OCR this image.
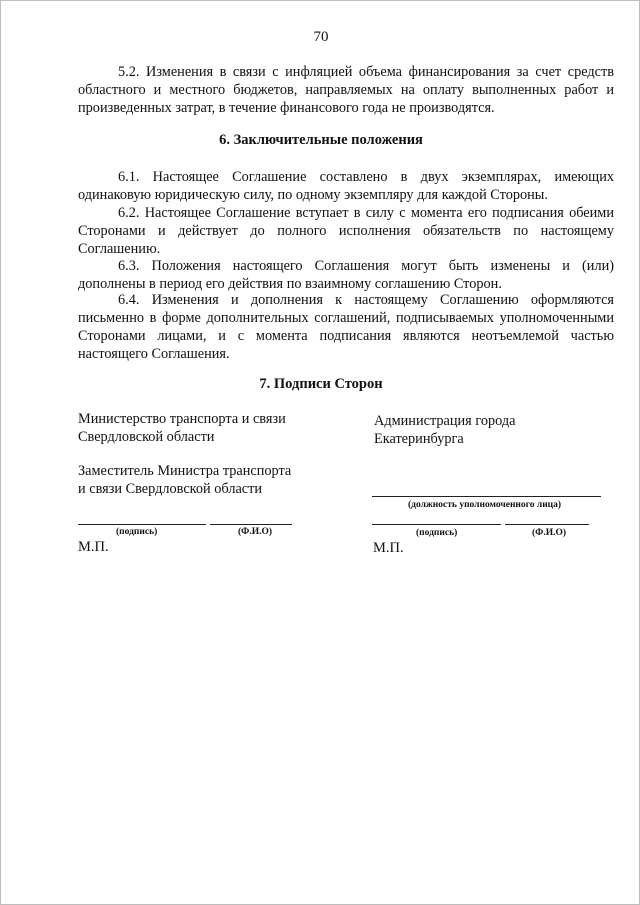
70
5.2. Изменения в связи с инфляцией объема финансирования за счет средств областного и местного бюджетов, направляемых на оплату выполненных работ и произведенных затрат, в течение финансового года не производятся.
6. Заключительные положения
6.1. Настоящее Соглашение составлено в двух экземплярах, имеющих одинаковую юридическую силу, по одному экземпляру для каждой Стороны.
6.2. Настоящее Соглашение вступает в силу с момента его подписания обеими Сторонами и действует до полного исполнения обязательств по настоящему Соглашению.
6.3. Положения настоящего Соглашения могут быть изменены и (или) дополнены в период его действия по взаимному соглашению Сторон.
6.4. Изменения и дополнения к настоящему Соглашению оформляются письменно в форме дополнительных соглашений, подписываемых уполномоченными Сторонами лицами, и с момента подписания являются неотъемлемой частью настоящего Соглашения.
7. Подписи Сторон
Министерство транспорта и связи
Свердловской области
Заместитель Министра транспорта
и связи Свердловской области
(подпись)	(Ф.И.О)
М.П.
Администрация города
Екатеринбурга
(должность уполномоченного лица)
(подпись)	(Ф.И.О)
М.П.
